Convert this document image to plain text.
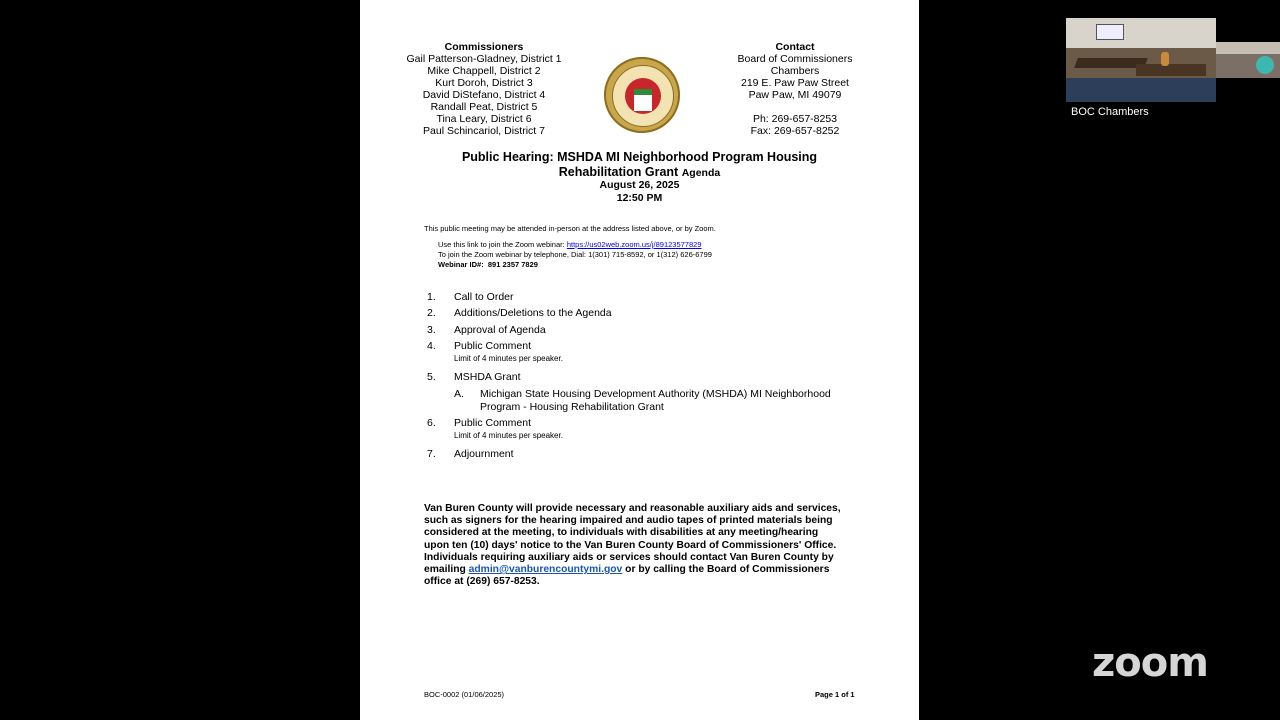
Commissioners
Gail Patterson-Gladney, District 1
Mike Chappell, District 2
Kurt Doroh, District 3
David DiStefano, District 4
Randall Peat, District 5
Tina Leary, District 6
Paul Schincariol, District 7
Contact
Board of Commissioners
Chambers
219 E. Paw Paw Street
Paw Paw, MI 49079
Ph: 269-657-8253
Fax: 269-657-8252
Public Hearing: MSHDA MI Neighborhood Program Housing
Rehabilitation Grant Agenda
August 26, 2025
12:50 PM
This public meeting may be attended in-person at the address listed above, or by Zoom.
Use this link to join the Zoom webinar: https://us02web.zoom.us/j/89123577829
To join the Zoom webinar by telephone, Dial: 1(301) 715-8592, or 1(312) 626-6799
Webinar ID#: 891 2357 7829
1. Call to Order
2. Additions/Deletions to the Agenda
3. Approval of Agenda
4. Public Comment
Limit of 4 minutes per speaker.
5. MSHDA Grant
A. Michigan State Housing Development Authority (MSHDA) MI Neighborhood
Program - Housing Rehabilitation Grant
6. Public Comment
Limit of 4 minutes per speaker.
7. Adjournment
Van Buren County will provide necessary and reasonable auxiliary aids and services,
such as signers for the hearing impaired and audio tapes of printed materials being
considered at the meeting, to individuals with disabilities at any meeting/hearing
upon ten (10) days' notice to the Van Buren County Board of Commissioners' Office.
Individuals requiring auxiliary aids or services should contact Van Buren County by
emailing admin@vanburencountymi.gov or by calling the Board of Commissioners
office at (269) 657-8253.
BOC-0002 (01/06/2025)	Page 1 of 1
BOC Chambers
zoom
